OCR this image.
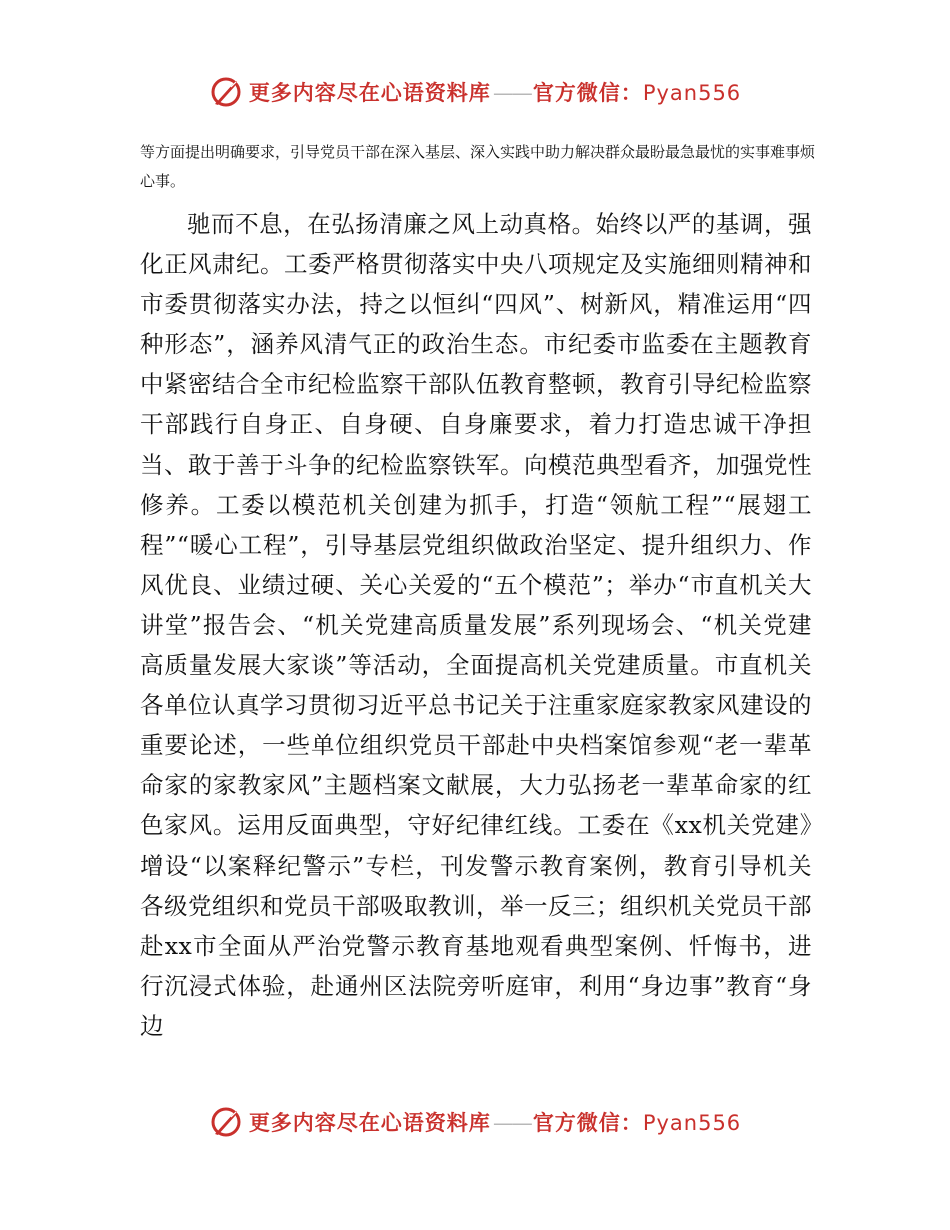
更多内容尽在心语资料库——官方微信：Pyan556

等方面提出明确要求，引导党员干部在深入基层、深入实践中助力解决群众最盼最急最忧的实事难事烦心事。

驰而不息，在弘扬清廉之风上动真格。始终以严的基调，强化正风肃纪。工委严格贯彻落实中央八项规定及实施细则精神和市委贯彻落实办法，持之以恒纠“四风”、树新风，精准运用“四种形态”，涵养风清气正的政治生态。市纪委市监委在主题教育中紧密结合全市纪检监察干部队伍教育整顿，教育引导纪检监察干部践行自身正、自身硬、自身廉要求，着力打造忠诚干净担当、敢于善于斗争的纪检监察铁军。向模范典型看齐，加强党性修养。工委以模范机关创建为抓手，打造“领航工程”“展翅工程”“暖心工程”，引导基层党组织做政治坚定、提升组织力、作风优良、业绩过硬、关心关爱的“五个模范”；举办“市直机关大讲堂”报告会、“机关党建高质量发展”系列现场会、“机关党建高质量发展大家谈”等活动，全面提高机关党建质量。市直机关各单位认真学习贯彻习近平总书记关于注重家庭家教家风建设的重要论述，一些单位组织党员干部赴中央档案馆参观“老一辈革命家的家教家风”主题档案文献展，大力弘扬老一辈革命家的红色家风。运用反面典型，守好纪律红线。工委在《xx机关党建》增设“以案释纪警示”专栏，刊发警示教育案例，教育引导机关各级党组织和党员干部吸取教训，举一反三；组织机关党员干部赴xx市全面从严治党警示教育基地观看典型案例、忏悔书，进行沉浸式体验，赴通州区法院旁听庭审，利用“身边事”教育“身边

更多内容尽在心语资料库——官方微信：Pyan556
